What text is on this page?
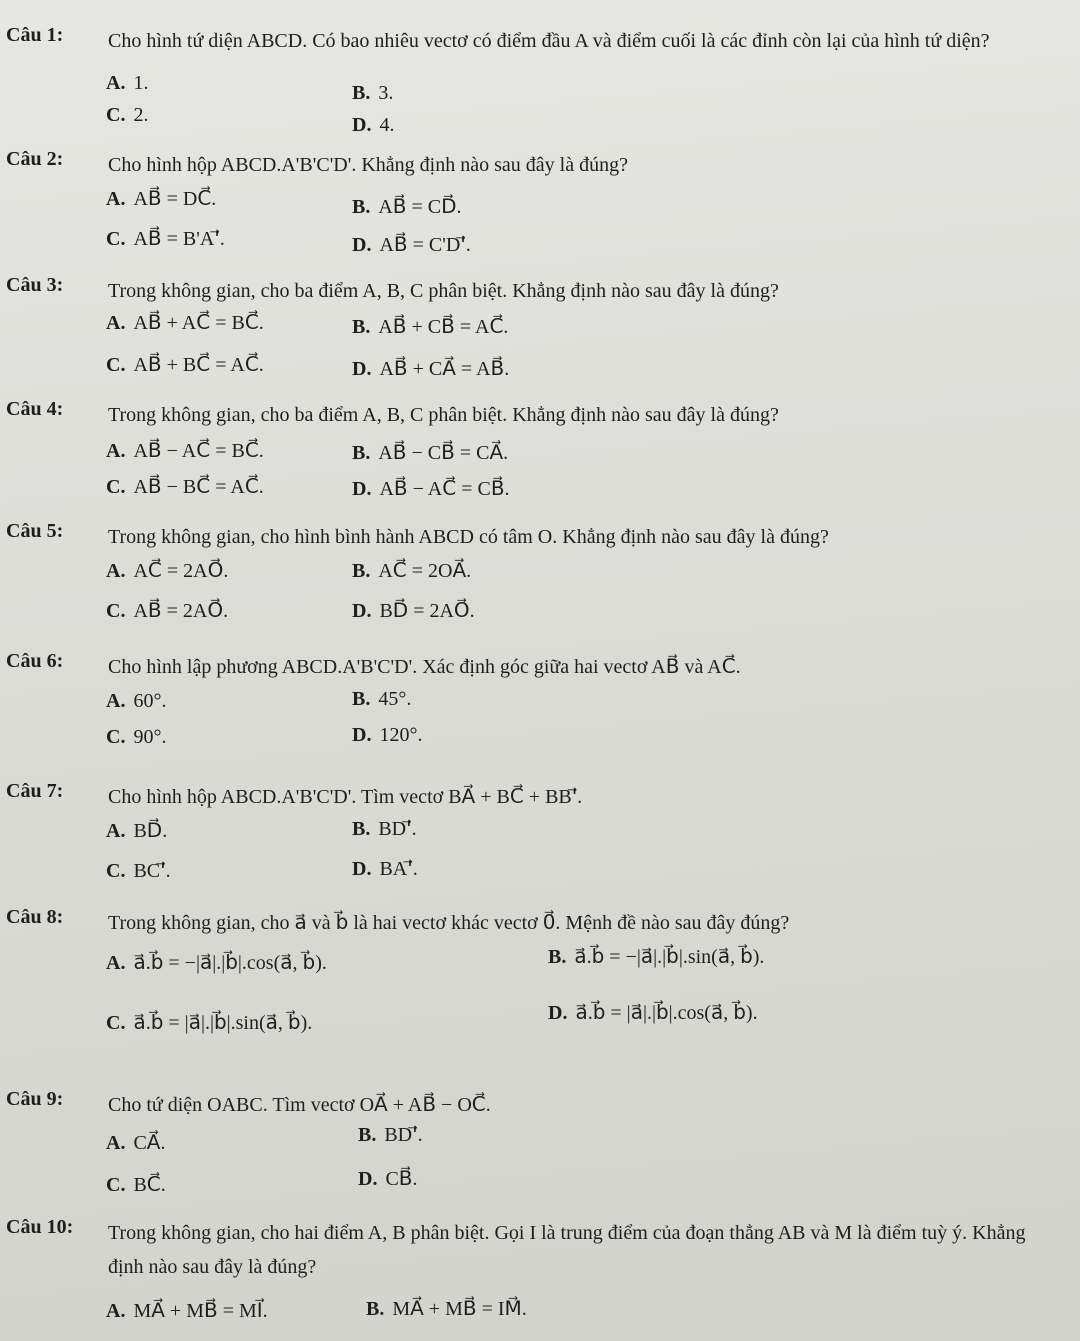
Câu 1: Cho hình tứ diện ABCD. Có bao nhiêu vectơ có điểm đầu A và điểm cuối là các đỉnh còn lại của hình tứ diện?
A. 1.	B. 3.
C. 2.	D. 4.
Câu 2: Cho hình hộp ABCD.A'B'C'D'. Khẳng định nào sau đây là đúng?
A. AB⃗ = DC⃗.	B. AB⃗ = CD⃗.
C. AB⃗ = B'A'⃗.	D. AB⃗ = C'D'⃗.
Câu 3: Trong không gian, cho ba điểm A, B, C phân biệt. Khẳng định nào sau đây là đúng?
A. AB⃗ + AC⃗ = BC⃗.	B. AB⃗ + CB⃗ = AC⃗.
C. AB⃗ + BC⃗ = AC⃗.	D. AB⃗ + CA⃗ = AB⃗.
Câu 4: Trong không gian, cho ba điểm A, B, C phân biệt. Khẳng định nào sau đây là đúng?
A. AB⃗ − AC⃗ = BC⃗.	B. AB⃗ − CB⃗ = CA⃗.
C. AB⃗ − BC⃗ = AC⃗.	D. AB⃗ − AC⃗ = CB⃗.
Câu 5: Trong không gian, cho hình bình hành ABCD có tâm O. Khẳng định nào sau đây là đúng?
A. AC⃗ = 2AO⃗.	B. AC⃗ = 2OA⃗.
C. AB⃗ = 2AO⃗.	D. BD⃗ = 2AO⃗.
Câu 6: Cho hình lập phương ABCD.A'B'C'D'. Xác định góc giữa hai vectơ AB⃗ và AC⃗.
A. 60°.	B. 45°.
C. 90°.	D. 120°.
Câu 7: Cho hình hộp ABCD.A'B'C'D'. Tìm vectơ BA⃗ + BC⃗ + BB'⃗.
A. BD⃗.	B. BD'⃗.
C. BC'⃗.	D. BA'⃗.
Câu 8: Trong không gian, cho a⃗ và b⃗ là hai vectơ khác vectơ 0⃗. Mệnh đề nào sau đây đúng?
A. a⃗.b⃗ = −|a⃗|.|b⃗|.cos(a⃗, b⃗).	B. a⃗.b⃗ = −|a⃗|.|b⃗|.sin(a⃗, b⃗).
C. a⃗.b⃗ = |a⃗|.|b⃗|.sin(a⃗, b⃗).	D. a⃗.b⃗ = |a⃗|.|b⃗|.cos(a⃗, b⃗).
Câu 9: Cho tứ diện OABC. Tìm vectơ OA⃗ + AB⃗ − OC⃗.
A. CA⃗.	B. BD'⃗.
C. BC⃗.	D. CB⃗.
Câu 10: Trong không gian, cho hai điểm A, B phân biệt. Gọi I là trung điểm của đoạn thẳng AB và M là điểm tuỳ ý. Khẳng định nào sau đây là đúng?
A. MA⃗ + MB⃗ = MI⃗.	B. MA⃗ + MB⃗ = IM⃗.
